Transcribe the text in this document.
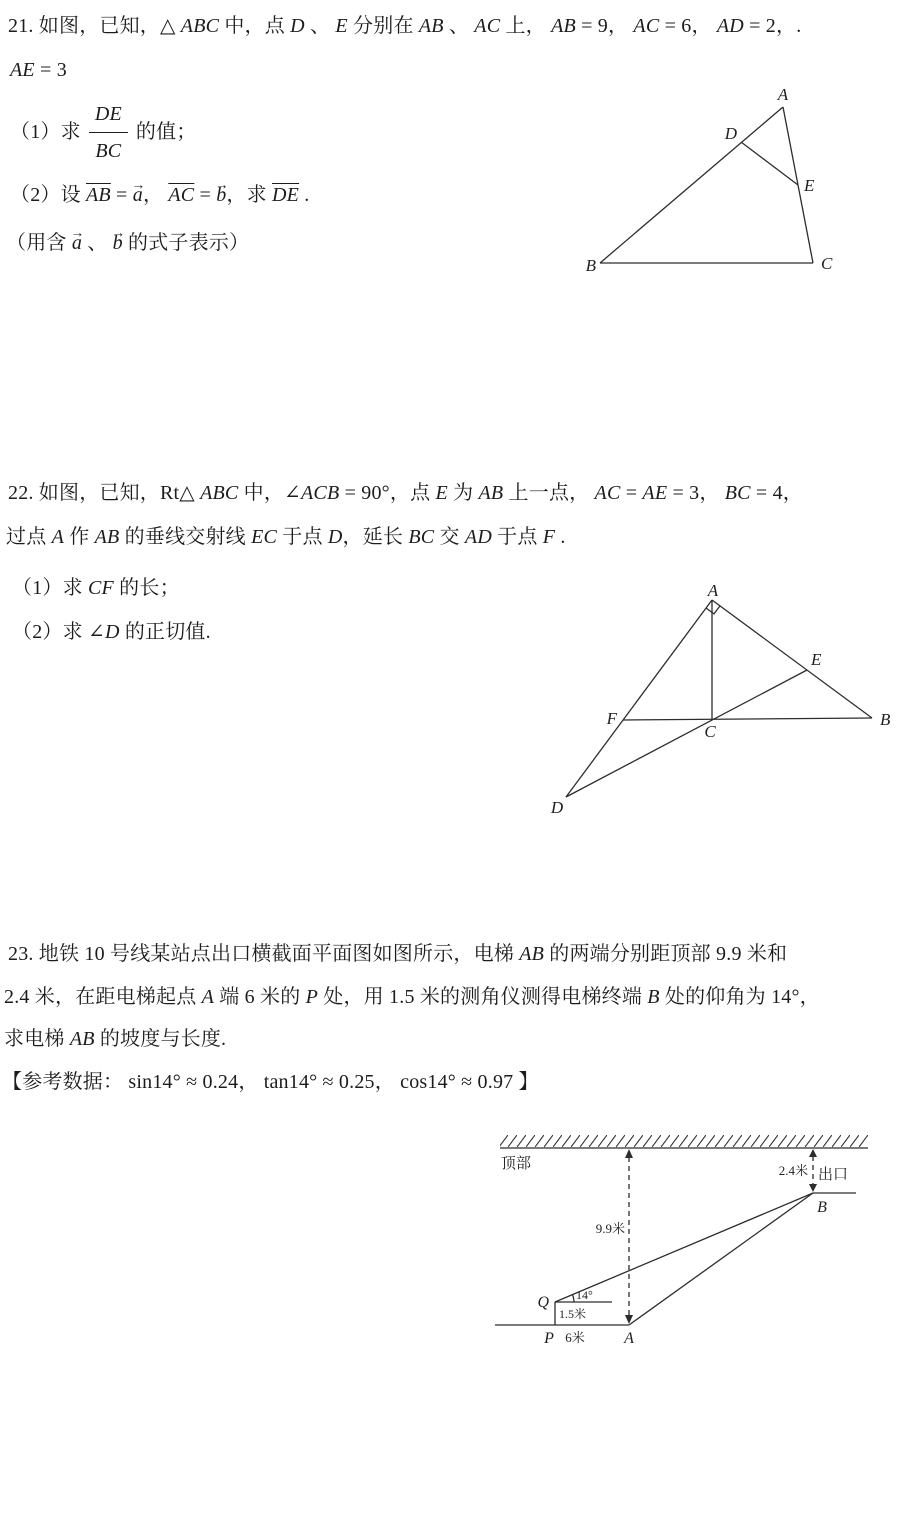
21. 如图，已知，△ ABC 中，点 D 、 E 分别在 AB 、 AC 上， AB = 9， AC = 6， AD = 2，.
AE = 3
（1）求 $\frac{DE}{BC}$ 的值；
（2）设 $\overline{AB} = a$ →， $\overline{AC} = b$ →，求 $\overline{DE}$ .
（用含 a → 、 b → 的式子表示）
A
D
E
B	C
22. 如图，已知，Rt△ ABC 中，∠ACB = 90°，点 E 为 AB 上一点， AC = AE = 3， BC = 4，
过点 A 作 AB 的垂线交射线 EC 于点 D，延长 BC 交 AD 于点 F .
（1）求 CF 的长；
（2）求 ∠D 的正切值.
A
E
B
F
C
D
23. 地铁 10 号线某站点出口横截面平面图如图所示，电梯 AB 的两端分别距顶部 9.9 米和
2.4 米，在距电梯起点 A 端 6 米的 P 处，用 1.5 米的测角仪测得电梯终端 B 处的仰角为 14°，
求电梯 AB 的坡度与长度.
【参考数据： sin14° ≈ 0.24， tan14° ≈ 0.25， cos14° ≈ 0.97 】
顶部
9.9米
2.4米 出口
B
14°
1.5米
Q
P 6米 A
